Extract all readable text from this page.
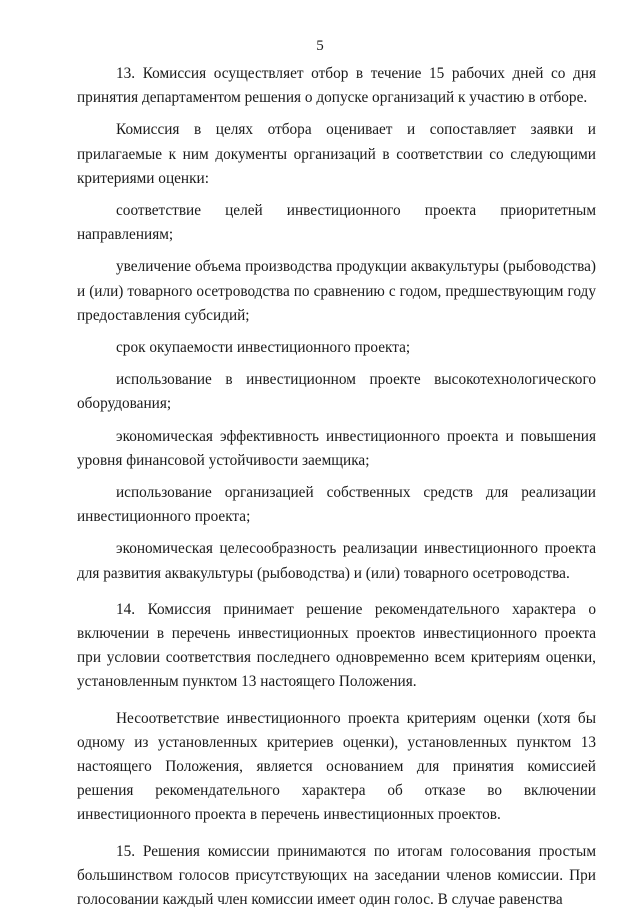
5

13. Комиссия осуществляет отбор в течение 15 рабочих дней со дня принятия департаментом решения о допуске организаций к участию в отборе.

Комиссия в целях отбора оценивает и сопоставляет заявки и прилагаемые к ним документы организаций в соответствии со следующими критериями оценки:

соответствие целей инвестиционного проекта приоритетным направлениям;

увеличение объема производства продукции аквакультуры (рыбоводства) и (или) товарного осетроводства по сравнению с годом, предшествующим году предоставления субсидий;

срок окупаемости инвестиционного проекта;

использование в инвестиционном проекте высокотехнологического оборудования;

экономическая эффективность инвестиционного проекта и повышения уровня финансовой устойчивости заемщика;

использование организацией собственных средств для реализации инвестиционного проекта;

экономическая целесообразность реализации инвестиционного проекта для развития аквакультуры (рыбоводства) и (или) товарного осетроводства.

14. Комиссия принимает решение рекомендательного характера о включении в перечень инвестиционных проектов инвестиционного проекта при условии соответствия последнего одновременно всем критериям оценки, установленным пунктом 13 настоящего Положения.

Несоответствие инвестиционного проекта критериям оценки (хотя бы одному из установленных критериев оценки), установленных пунктом 13 настоящего Положения, является основанием для принятия комиссией решения рекомендательного характера об отказе во включении инвестиционного проекта в перечень инвестиционных проектов.

15. Решения комиссии принимаются по итогам голосования простым большинством голосов присутствующих на заседании членов комиссии. При голосовании каждый член комиссии имеет один голос. В случае равенства
